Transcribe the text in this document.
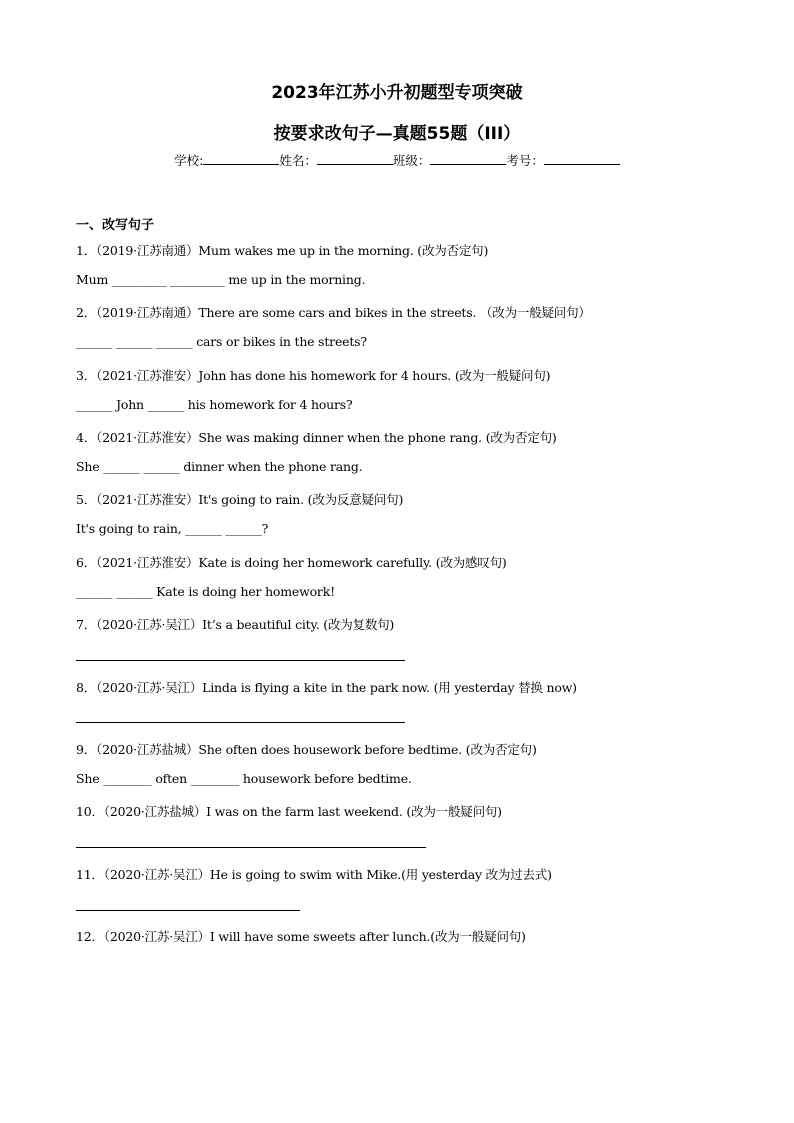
2023年江苏小升初题型专项突破
按要求改句子—真题55题（III）
学校:	姓名：	班级：	考号：
一、改写句子
1．（2019·江苏南通）Mum wakes me up in the morning. (改为否定句)
Mum _________ _________ me up in the morning.
2．（2019·江苏南通）There are some cars and bikes in the streets. （改为一般疑问句）
______ ______ ______ cars or bikes in the streets?
3．（2021·江苏淮安）John has done his homework for 4 hours. (改为一般疑问句)
______ John ______ his homework for 4 hours?
4．（2021·江苏淮安）She was making dinner when the phone rang. (改为否定句)
She ______ ______ dinner when the phone rang.
5．（2021·江苏淮安）It's going to rain. (改为反意疑问句)
It's going to rain, ______ ______?
6．（2021·江苏淮安）Kate is doing her homework carefully. (改为感叹句)
______ ______ Kate is doing her homework!
7．（2020·江苏·吴江）It’s a beautiful city. (改为复数句)
8．（2020·江苏·吴江）Linda is flying a kite in the park now. (用 yesterday 替换 now)
9．（2020·江苏盐城）She often does housework before bedtime. (改为否定句)
She ________ often ________ housework before bedtime.
10．（2020·江苏盐城）I was on the farm last weekend. (改为一般疑问句)
11．（2020·江苏·吴江）He is going to swim with Mike.(用 yesterday 改为过去式)
12．（2020·江苏·吴江）I will have some sweets after lunch.(改为一般疑问句)
